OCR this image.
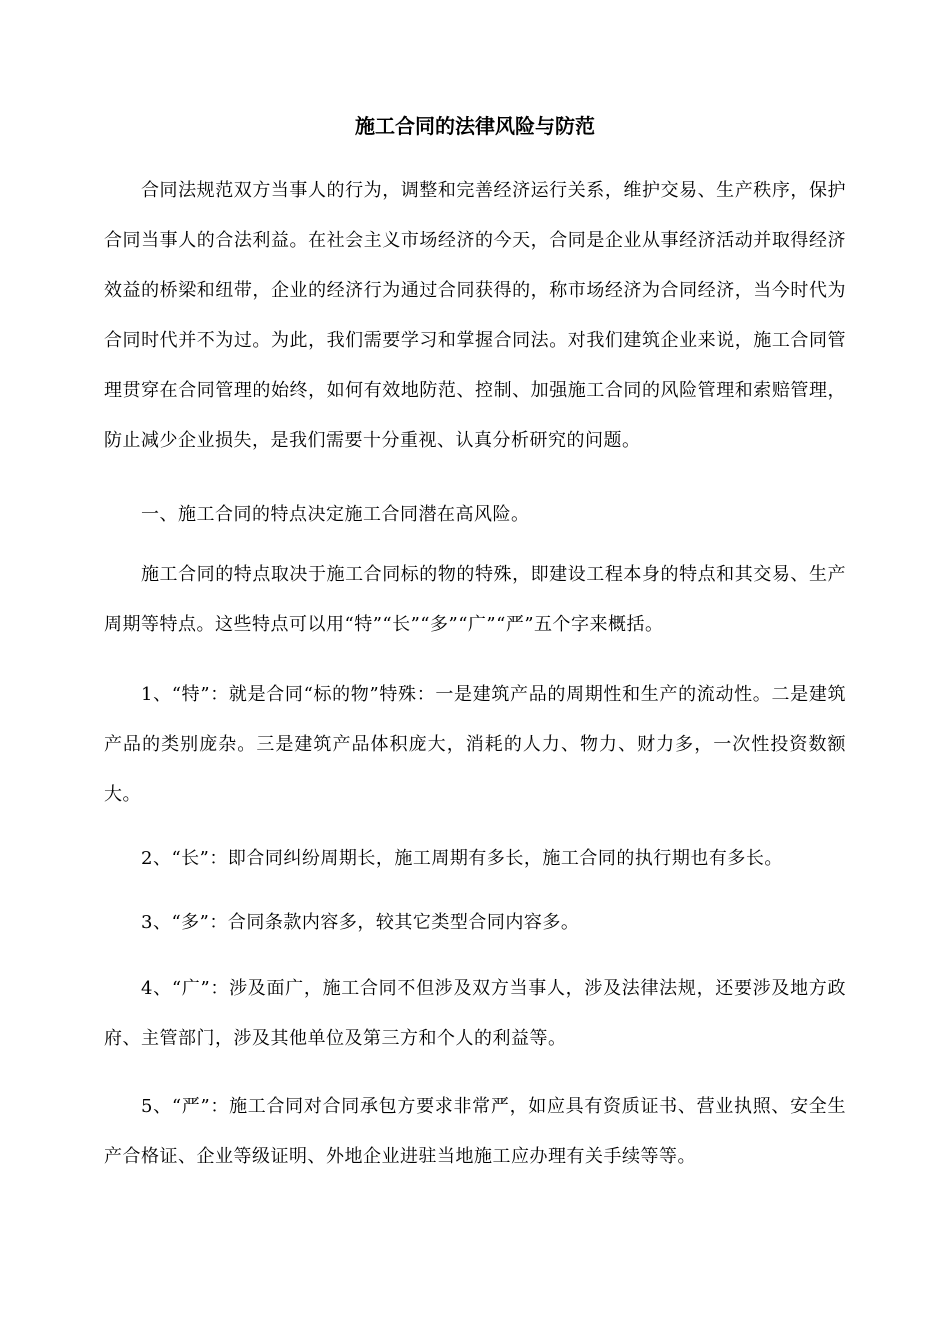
施工合同的法律风险与防范

合同法规范双方当事人的行为，调整和完善经济运行关系，维护交易、生产秩序，保护合同当事人的合法利益。在社会主义市场经济的今天，合同是企业从事经济活动并取得经济效益的桥梁和纽带，企业的经济行为通过合同获得的，称市场经济为合同经济，当今时代为合同时代并不为过。为此，我们需要学习和掌握合同法。对我们建筑企业来说，施工合同管理贯穿在合同管理的始终，如何有效地防范、控制、加强施工合同的风险管理和索赔管理，防止减少企业损失，是我们需要十分重视、认真分析研究的问题。

一、施工合同的特点决定施工合同潜在高风险。

施工合同的特点取决于施工合同标的物的特殊，即建设工程本身的特点和其交易、生产周期等特点。这些特点可以用“特”“长”“多”“广”“严”五个字来概括。

1、“特”：就是合同“标的物”特殊：一是建筑产品的周期性和生产的流动性。二是建筑产品的类别庞杂。三是建筑产品体积庞大，消耗的人力、物力、财力多，一次性投资数额大。

2、“长”：即合同纠纷周期长，施工周期有多长，施工合同的执行期也有多长。

3、“多”：合同条款内容多，较其它类型合同内容多。

4、“广”：涉及面广，施工合同不但涉及双方当事人，涉及法律法规，还要涉及地方政府、主管部门，涉及其他单位及第三方和个人的利益等。

5、“严”：施工合同对合同承包方要求非常严，如应具有资质证书、营业执照、安全生产合格证、企业等级证明、外地企业进驻当地施工应办理有关手续等等。
